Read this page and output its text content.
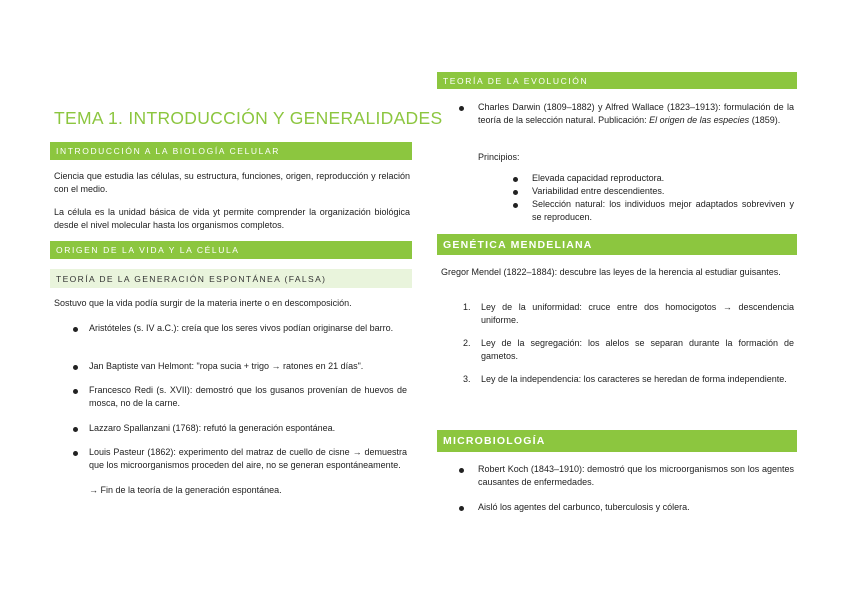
TEMA 1. INTRODUCCIÓN Y GENERALIDADES
INTRODUCCIÓN A LA BIOLOGÍA CELULAR

Ciencia que estudia las células, su estructura, funciones, origen, reproducción y relación con el medio.

La célula es la unidad básica de vida yt permite comprender la organización biológica desde el nivel molecular hasta los organismos completos.

ORIGEN DE LA VIDA Y LA CÉLULA
TEORÍA DE LA GENERACIÓN ESPONTÁNEA (FALSA)

Sostuvo que la vida podía surgir de la materia inerte o en descomposición.

Aristóteles (s. IV a.C.): creía que los seres vivos podían originarse del barro.

Jan Baptiste van Helmont: "ropa sucia + trigo → ratones en 21 días".

Francesco Redi (s. XVII): demostró que los gusanos provenían de huevos de mosca, no de la carne.

Lazzaro Spallanzani (1768): refutó la generación espontánea.

Louis Pasteur (1862): experimento del matraz de cuello de cisne → demuestra que los microorganismos proceden del aire, no se generan espontáneamente.

→ Fin de la teoría de la generación espontánea.

TEORÍA DE LA EVOLUCIÓN

Charles Darwin (1809–1882) y Alfred Wallace (1823–1913): formulación de la teoría de la selección natural. Publicación: El origen de las especies (1859).

Principios:

Elevada capacidad reproductora.

Variabilidad entre descendientes.

Selección natural: los individuos mejor adaptados sobreviven y se reproducen.

GENÉTICA MENDELIANA

Gregor Mendel (1822–1884): descubre las leyes de la herencia al estudiar guisantes.

1. Ley de la uniformidad: cruce entre dos homocigotos → descendencia uniforme.

2. Ley de la segregación: los alelos se separan durante la formación de gametos.

3. Ley de la independencia: los caracteres se heredan de forma independiente.

MICROBIOLOGÍA

Robert Koch (1843–1910): demostró que los microorganismos son los agentes causantes de enfermedades.

Aisló los agentes del carbunco, tuberculosis y cólera.
